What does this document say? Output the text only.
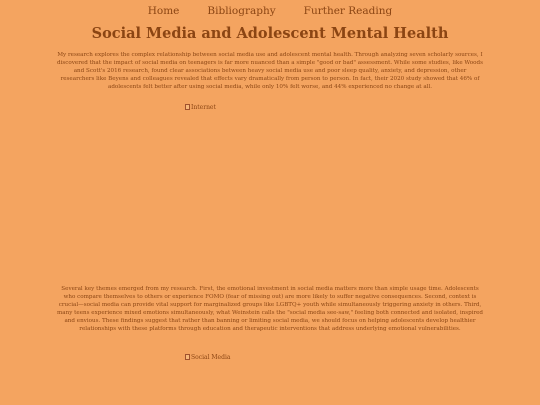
Home	Bibliography	Further Reading
Social Media and Adolescent Mental Health

My research explores the complex relationship between social media use and adolescent mental health. Through analyzing seven scholarly sources, I discovered that the impact of social media on teenagers is far more nuanced than a simple "good or bad" assessment. While some studies, like Woods and Scott's 2016 research, found clear associations between heavy social media use and poor sleep quality, anxiety, and depression, other researchers like Beyens and colleagues revealed that effects vary dramatically from person to person. In fact, their 2020 study showed that 46% of adolescents felt better after using social media, while only 10% felt worse, and 44% experienced no change at all.

Internet

Several key themes emerged from my research. First, the emotional investment in social media matters more than simple usage time. Adolescents who compare themselves to others or experience FOMO (fear of missing out) are more likely to suffer negative consequences. Second, context is crucial—social media can provide vital support for marginalized groups like LGBTQ+ youth while simultaneously triggering anxiety in others. Third, many teens experience mixed emotions simultaneously, what Weinstein calls the "social media see-saw," feeling both connected and isolated, inspired and envious. These findings suggest that rather than banning or limiting social media, we should focus on helping adolescents develop healthier relationships with these platforms through education and therapeutic interventions that address underlying emotional vulnerabilities.

Social Media
